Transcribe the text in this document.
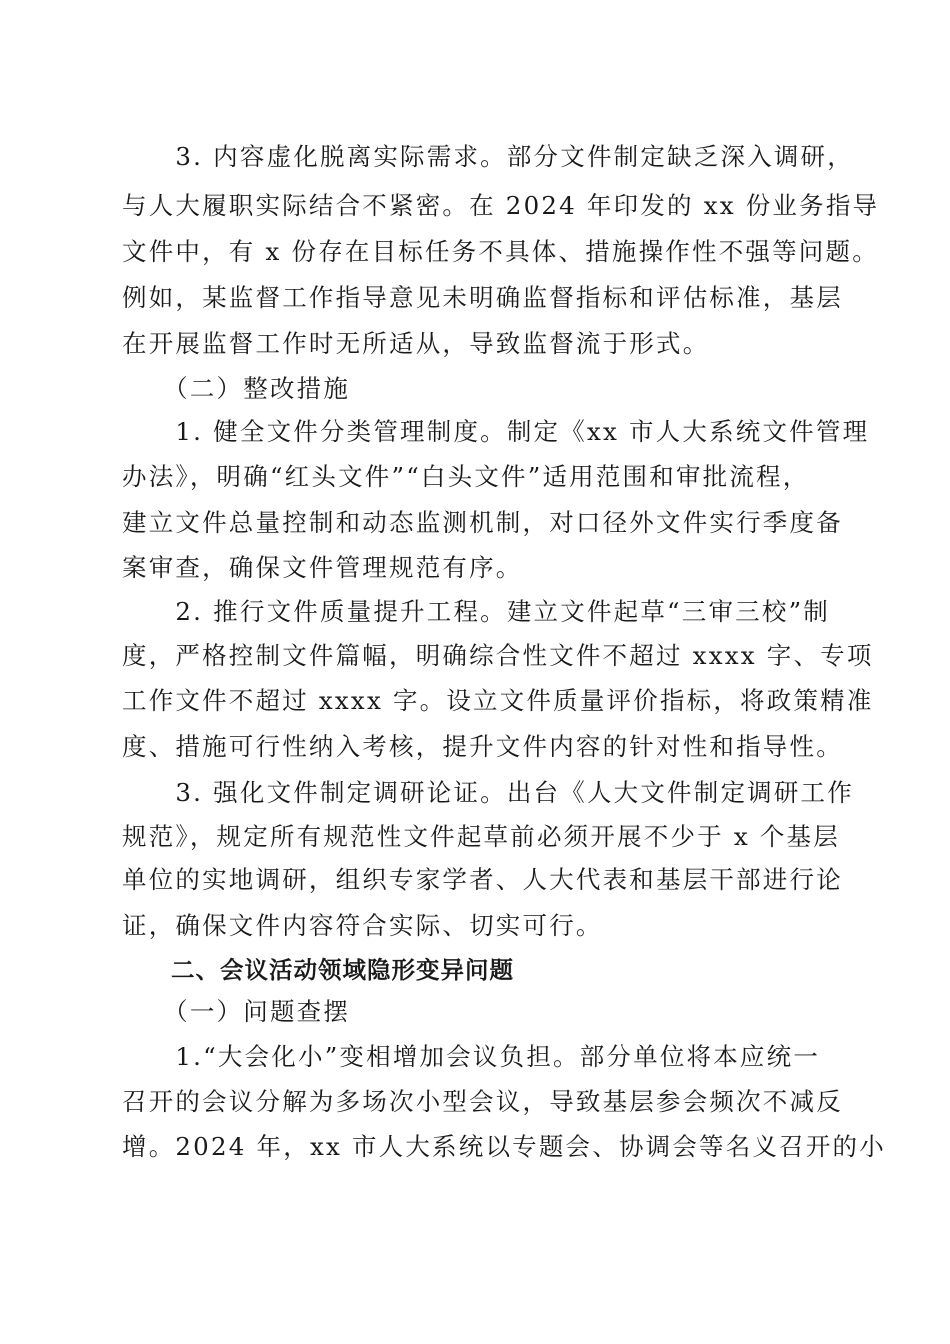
　　3. 内容虚化脱离实际需求。部分文件制定缺乏深入调研，

与人大履职实际结合不紧密。在 2024 年印发的 xx 份业务指导

文件中，有 x 份存在目标任务不具体、措施操作性不强等问题。

例如，某监督工作指导意见未明确监督指标和评估标准，基层

在开展监督工作时无所适从，导致监督流于形式。

　　（二）整改措施

　　1. 健全文件分类管理制度。制定《xx 市人大系统文件管理

办法》，明确“红头文件”“白头文件”适用范围和审批流程，

建立文件总量控制和动态监测机制，对口径外文件实行季度备

案审查，确保文件管理规范有序。

　　2. 推行文件质量提升工程。建立文件起草“三审三校”制

度，严格控制文件篇幅，明确综合性文件不超过 xxxx 字、专项

工作文件不超过 xxxx 字。设立文件质量评价指标，将政策精准

度、措施可行性纳入考核，提升文件内容的针对性和指导性。

　　3. 强化文件制定调研论证。出台《人大文件制定调研工作

规范》，规定所有规范性文件起草前必须开展不少于 x 个基层

单位的实地调研，组织专家学者、人大代表和基层干部进行论

证，确保文件内容符合实际、切实可行。

　　二、会议活动领域隐形变异问题

　　（一）问题查摆

　　1.“大会化小”变相增加会议负担。部分单位将本应统一

召开的会议分解为多场次小型会议，导致基层参会频次不减反

增。2024 年，xx 市人大系统以专题会、协调会等名义召开的小
